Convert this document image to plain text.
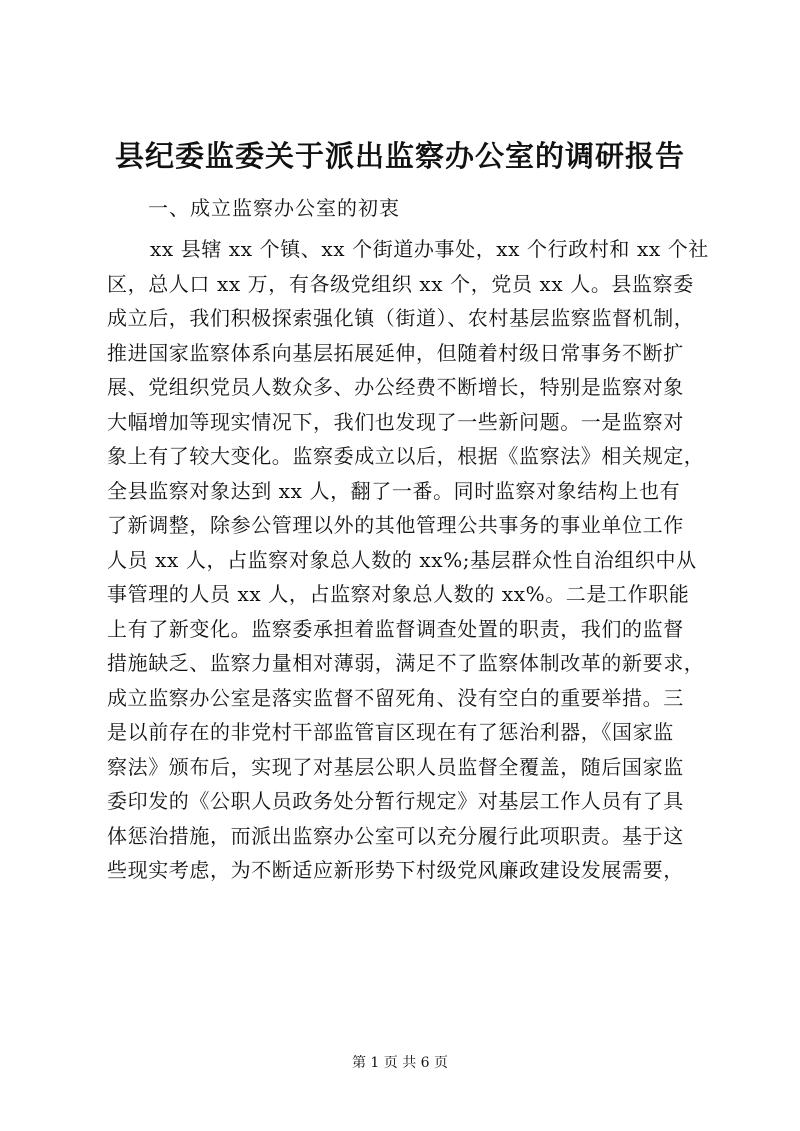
县纪委监委关于派出监察办公室的调研报告
一、成立监察办公室的初衷
xx 县辖 xx 个镇、xx 个街道办事处，xx 个行政村和 xx 个社
区，总人口 xx 万，有各级党组织 xx 个，党员 xx 人。县监察委
成立后，我们积极探索强化镇（街道）、农村基层监察监督机制，
推进国家监察体系向基层拓展延伸，但随着村级日常事务不断扩
展、党组织党员人数众多、办公经费不断增长，特别是监察对象
大幅增加等现实情况下，我们也发现了一些新问题。一是监察对
象上有了较大变化。监察委成立以后，根据《监察法》相关规定，
全县监察对象达到 xx 人，翻了一番。同时监察对象结构上也有
了新调整，除参公管理以外的其他管理公共事务的事业单位工作
人员 xx 人，占监察对象总人数的 xx%;基层群众性自治组织中从
事管理的人员 xx 人，占监察对象总人数的 xx%。二是工作职能
上有了新变化。监察委承担着监督调查处置的职责，我们的监督
措施缺乏、监察力量相对薄弱，满足不了监察体制改革的新要求，
成立监察办公室是落实监督不留死角、没有空白的重要举措。三
是以前存在的非党村干部监管盲区现在有了惩治利器，《国家监
察法》颁布后，实现了对基层公职人员监督全覆盖，随后国家监
委印发的《公职人员政务处分暂行规定》对基层工作人员有了具
体惩治措施，而派出监察办公室可以充分履行此项职责。基于这
些现实考虑，为不断适应新形势下村级党风廉政建设发展需要，
第 1 页 共 6 页
